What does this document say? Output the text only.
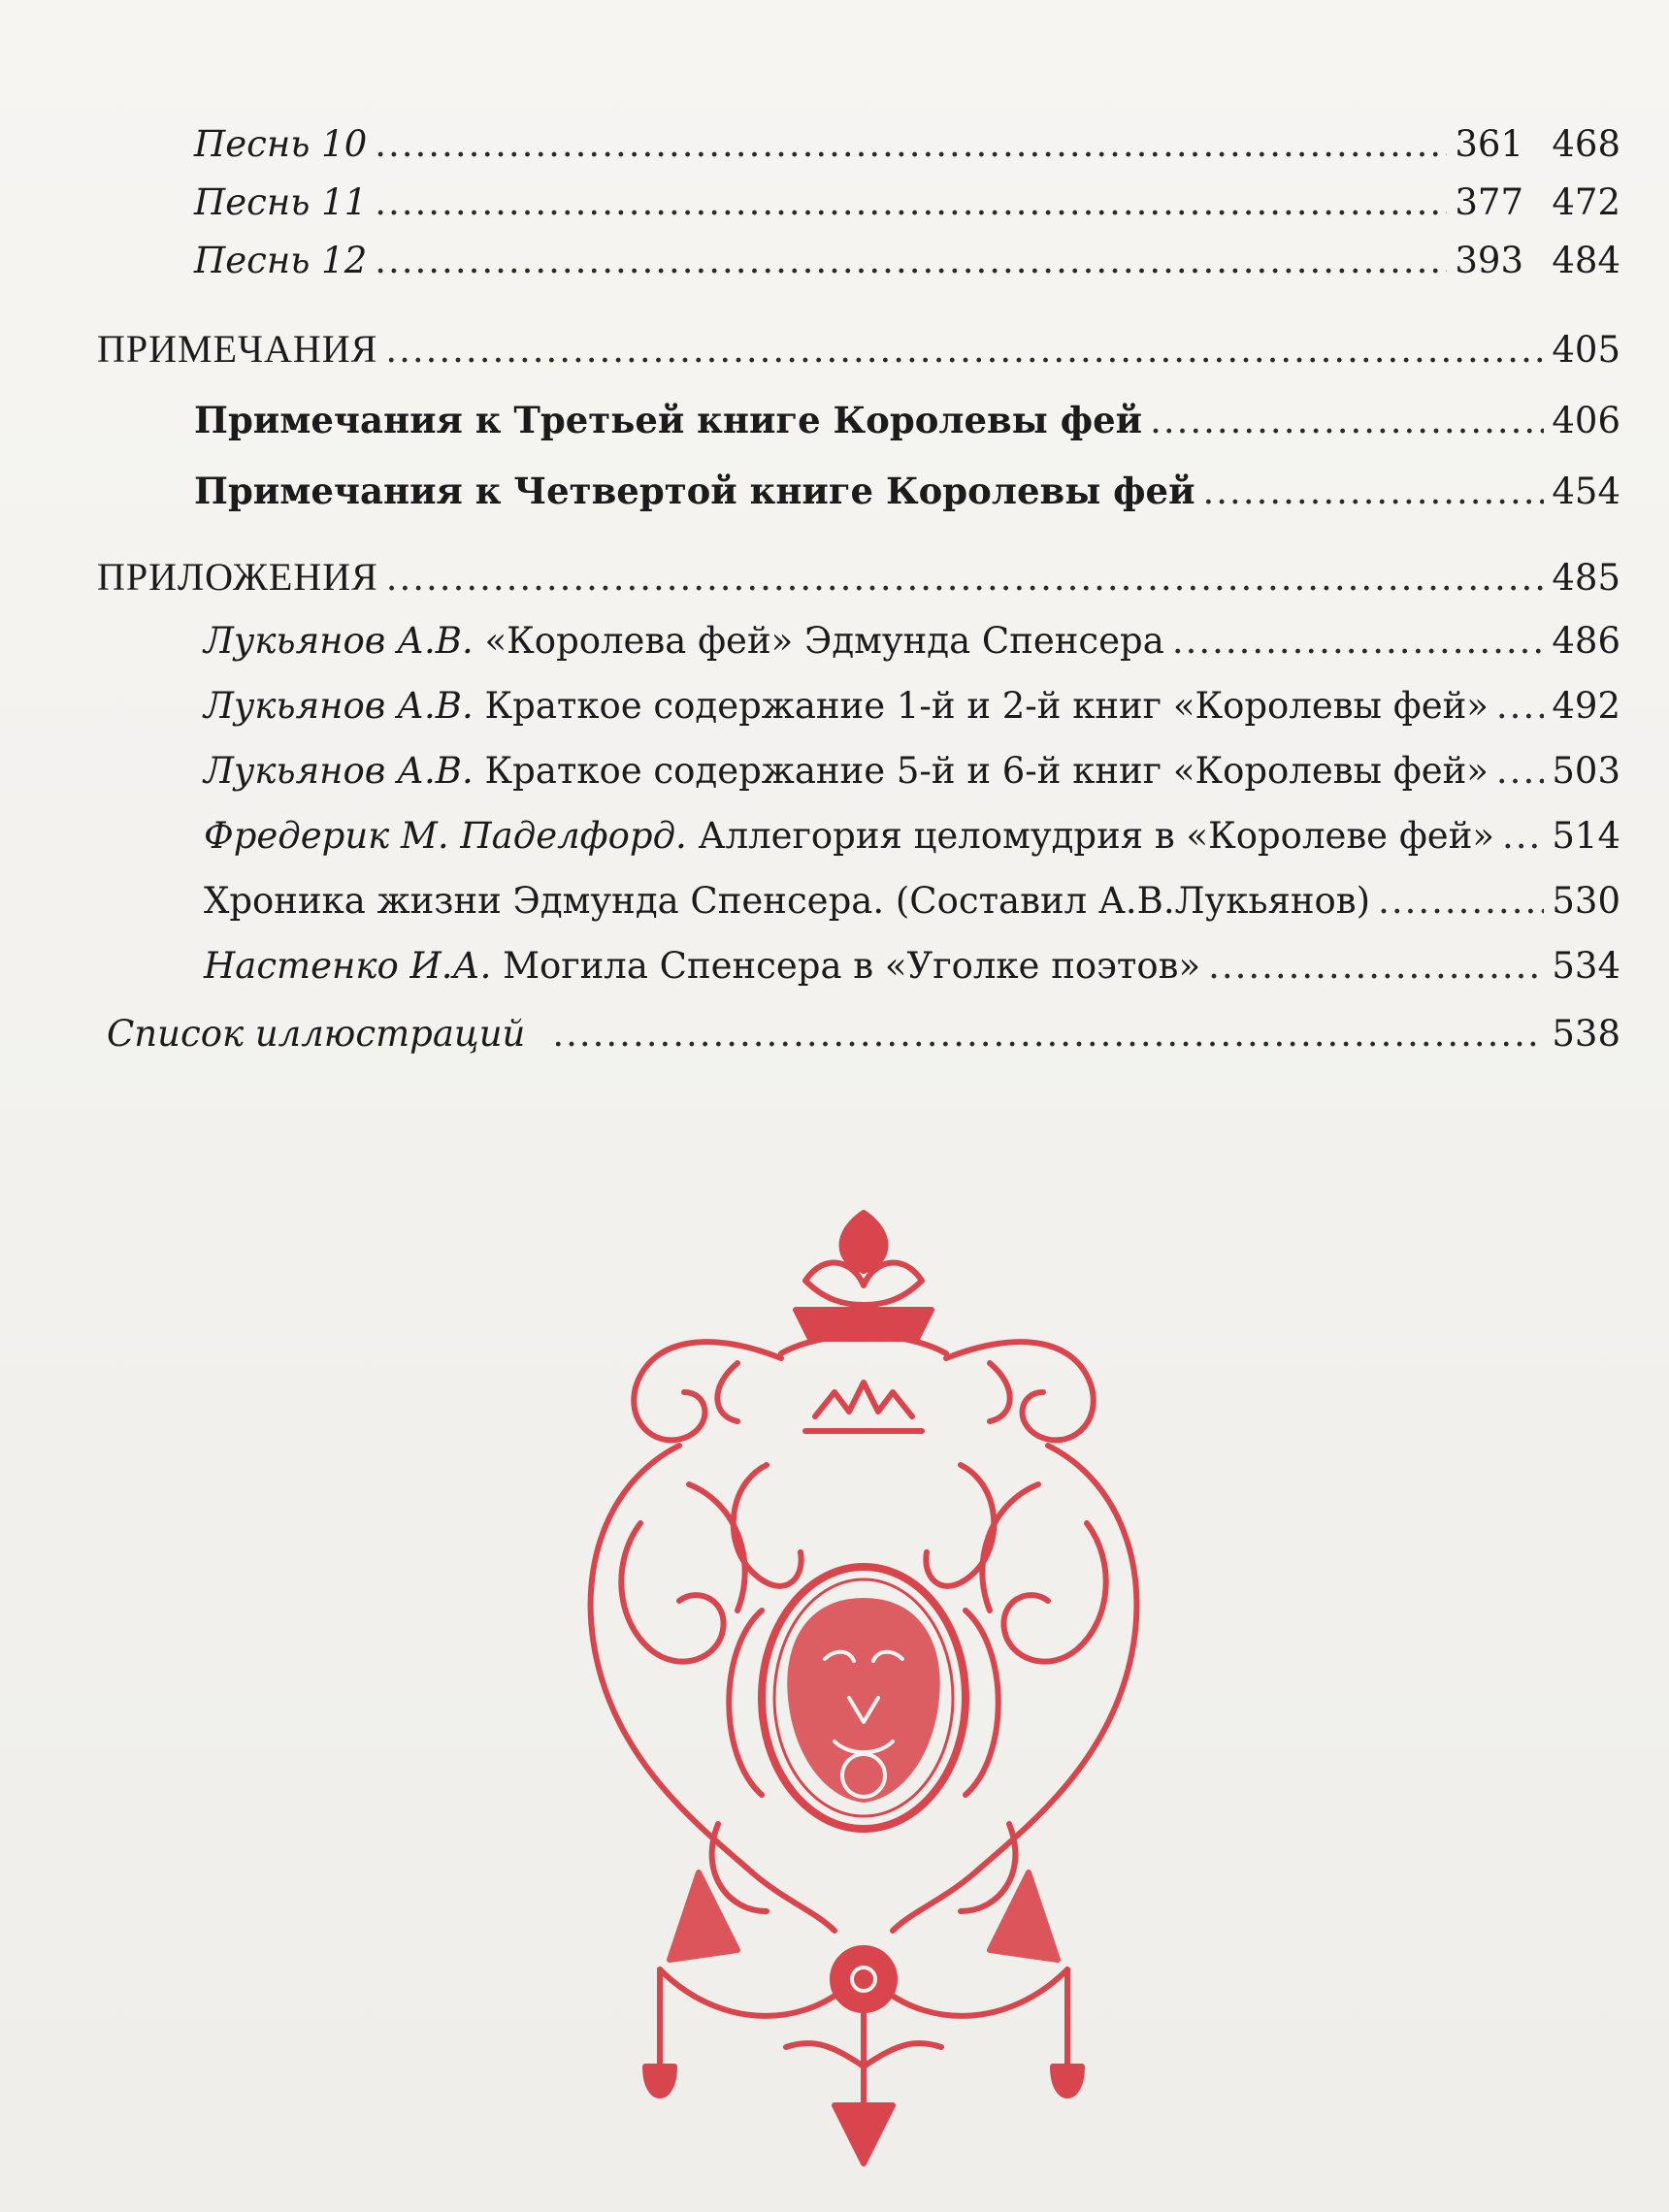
Песнь 10 .....	361 468
Песнь 11 .....	377 472
Песнь 12 .....	393 484
ПРИМЕЧАНИЯ .....	405
Примечания к Третьей книге Королевы фей .....	406
Примечания к Четвертой книге Королевы фей .....	454
ПРИЛОЖЕНИЯ .....	485
Лукьянов А.В. «Королева фей» Эдмунда Спенсера .....	486
Лукьянов А.В. Краткое содержание 1-й и 2-й книг «Королевы фей» ..... 492
Лукьянов А.В. Краткое содержание 5-й и 6-й книг «Королевы фей» ..... 503
Фредерик М. Паделфорд. Аллегория целомудрия в «Королеве фей» ..... 514
Хроника жизни Эдмунда Спенсера. (Составил А.В.Лукьянов) .....	530
Настенко И.А. Могила Спенсера в «Уголке поэтов» .....	534
Список иллюстраций .....	538
